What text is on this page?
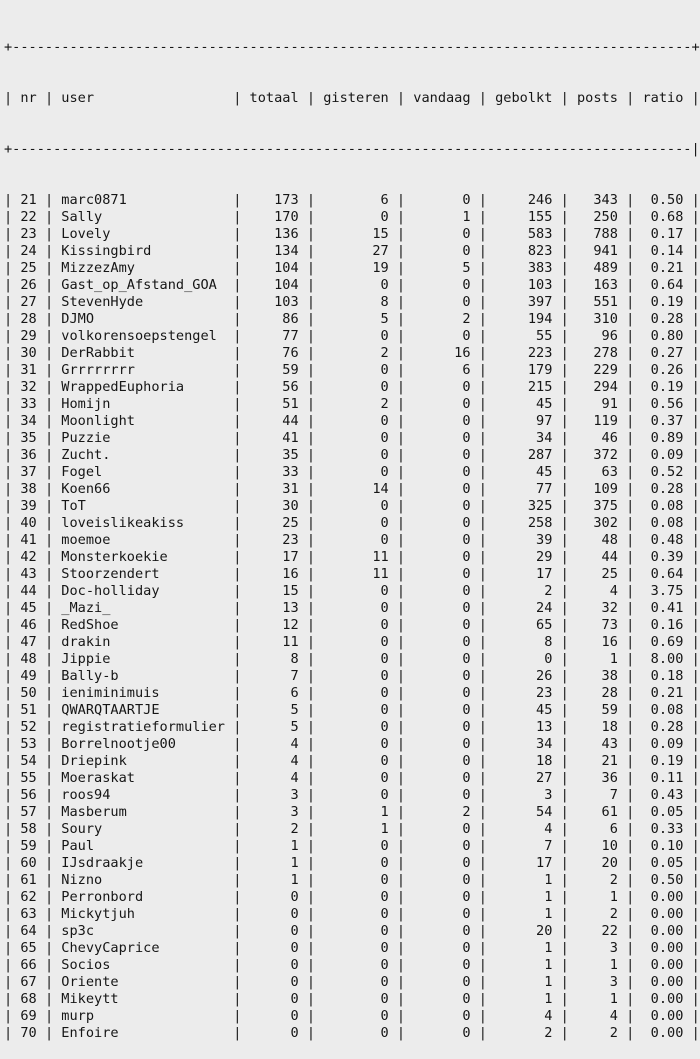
+-----------------------------------------------------------------------------------+

| nr | user                 | totaal | gisteren | vandaag | gebolkt | posts | ratio |

+-----------------------------------------------------------------------------------|

| 21 | marc0871             |    173 |        6 |       0 |     246 |   343 |  0.50 |
| 22 | Sally                |    170 |        0 |       1 |     155 |   250 |  0.68 |
| 23 | Lovely               |    136 |       15 |       0 |     583 |   788 |  0.17 |
| 24 | Kissingbird          |    134 |       27 |       0 |     823 |   941 |  0.14 |
| 25 | MizzezAmy            |    104 |       19 |       5 |     383 |   489 |  0.21 |
| 26 | Gast_op_Afstand_GOA  |    104 |        0 |       0 |     103 |   163 |  0.64 |
| 27 | StevenHyde           |    103 |        8 |       0 |     397 |   551 |  0.19 |
| 28 | DJMO                 |     86 |        5 |       2 |     194 |   310 |  0.28 |
| 29 | volkorensoepstengel  |     77 |        0 |       0 |      55 |    96 |  0.80 |
| 30 | DerRabbit            |     76 |        2 |      16 |     223 |   278 |  0.27 |
| 31 | Grrrrrrrr            |     59 |        0 |       6 |     179 |   229 |  0.26 |
| 32 | WrappedEuphoria      |     56 |        0 |       0 |     215 |   294 |  0.19 |
| 33 | Homijn               |     51 |        2 |       0 |      45 |    91 |  0.56 |
| 34 | Moonlight            |     44 |        0 |       0 |      97 |   119 |  0.37 |
| 35 | Puzzie               |     41 |        0 |       0 |      34 |    46 |  0.89 |
| 36 | Zucht.               |     35 |        0 |       0 |     287 |   372 |  0.09 |
| 37 | Fogel                |     33 |        0 |       0 |      45 |    63 |  0.52 |
| 38 | Koen66               |     31 |       14 |       0 |      77 |   109 |  0.28 |
| 39 | ToT                  |     30 |        0 |       0 |     325 |   375 |  0.08 |
| 40 | loveislikeakiss      |     25 |        0 |       0 |     258 |   302 |  0.08 |
| 41 | moemoe               |     23 |        0 |       0 |      39 |    48 |  0.48 |
| 42 | Monsterkoekie        |     17 |       11 |       0 |      29 |    44 |  0.39 |
| 43 | Stoorzendert         |     16 |       11 |       0 |      17 |    25 |  0.64 |
| 44 | Doc-holliday         |     15 |        0 |       0 |       2 |     4 |  3.75 |
| 45 | _Mazi_               |     13 |        0 |       0 |      24 |    32 |  0.41 |
| 46 | RedShoe              |     12 |        0 |       0 |      65 |    73 |  0.16 |
| 47 | drakin               |     11 |        0 |       0 |       8 |    16 |  0.69 |
| 48 | Jippie               |      8 |        0 |       0 |       0 |     1 |  8.00 |
| 49 | Bally-b              |      7 |        0 |       0 |      26 |    38 |  0.18 |
| 50 | ieniminimuis         |      6 |        0 |       0 |      23 |    28 |  0.21 |
| 51 | QWARQTAARTJE         |      5 |        0 |       0 |      45 |    59 |  0.08 |
| 52 | registratieformulier |      5 |        0 |       0 |      13 |    18 |  0.28 |
| 53 | Borrelnootje00       |      4 |        0 |       0 |      34 |    43 |  0.09 |
| 54 | Driepink             |      4 |        0 |       0 |      18 |    21 |  0.19 |
| 55 | Moeraskat            |      4 |        0 |       0 |      27 |    36 |  0.11 |
| 56 | roos94               |      3 |        0 |       0 |       3 |     7 |  0.43 |
| 57 | Masberum             |      3 |        1 |       2 |      54 |    61 |  0.05 |
| 58 | Soury                |      2 |        1 |       0 |       4 |     6 |  0.33 |
| 59 | Paul                 |      1 |        0 |       0 |       7 |    10 |  0.10 |
| 60 | IJsdraakje           |      1 |        0 |       0 |      17 |    20 |  0.05 |
| 61 | Nizno                |      1 |        0 |       0 |       1 |     2 |  0.50 |
| 62 | Perronbord           |      0 |        0 |       0 |       1 |     1 |  0.00 |
| 63 | Mickytjuh            |      0 |        0 |       0 |       1 |     2 |  0.00 |
| 64 | sp3c                 |      0 |        0 |       0 |      20 |    22 |  0.00 |
| 65 | ChevyCaprice         |      0 |        0 |       0 |       1 |     3 |  0.00 |
| 66 | Socios               |      0 |        0 |       0 |       1 |     1 |  0.00 |
| 67 | Oriente              |      0 |        0 |       0 |       1 |     3 |  0.00 |
| 68 | Mikeytt              |      0 |        0 |       0 |       1 |     1 |  0.00 |
| 69 | murp                 |      0 |        0 |       0 |       4 |     4 |  0.00 |
| 70 | Enfoire              |      0 |        0 |       0 |       2 |     2 |  0.00 |
